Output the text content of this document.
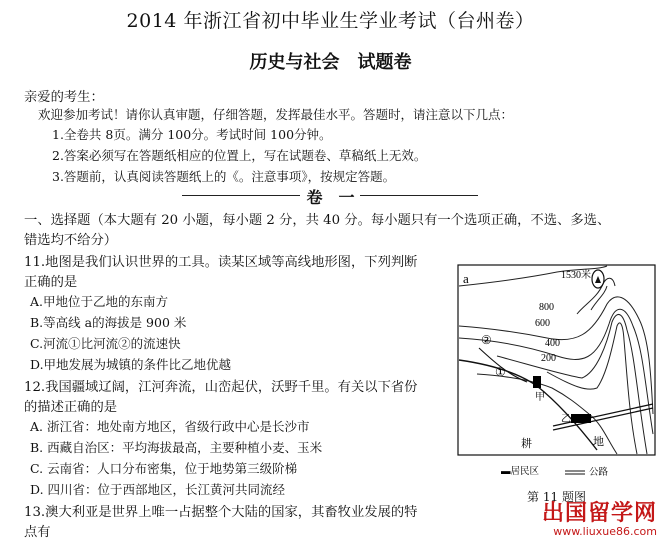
2014 年浙江省初中毕业生学业考试（台州卷）
历史与社会　试题卷
亲爱的考生：
欢迎参加考试！请你认真审题，仔细答题，发挥最佳水平。答题时，请注意以下几点：
1.全卷共 8页。满分 100分。考试时间 100分钟。
2.答案必须写在答题纸相应的位置上，写在试题卷、草稿纸上无效。
3.答题前，认真阅读答题纸上的《。注意事项》，按规定答题。
卷　一
一、选择题（本大题有 20 小题，每小题 2 分，共 40 分。每小题只有一个选项正确，不选、多选、
错选均不给分）
11.地图是我们认识世界的工具。读某区域等高线地形图，下列判断
正确的是
A.甲地位于乙地的东南方
B.等高线 a的海拔是 900 米
C.河流①比河流②的流速快
D.甲地发展为城镇的条件比乙地优越
12.我国疆域辽阔，江河奔流，山峦起伏，沃野千里。有关以下省份
的描述正确的是
A. 浙江省：地处南方地区，省级行政中心是长沙市
B. 西藏自治区：平均海拔最高，主要种植小麦、玉米
C. 云南省：人口分布密集，位于地势第三级阶梯
D. 四川省：位于西部地区，长江黄河共同流经
13.澳大利亚是世界上唯一占据整个大陆的国家，其畜牧业发展的特
点有
a	1530米
800
600
400
200
①
②
甲
乙
耕	地
▬居民区	公路
第 11 题图
出国留学网
www.liuxue86.com
